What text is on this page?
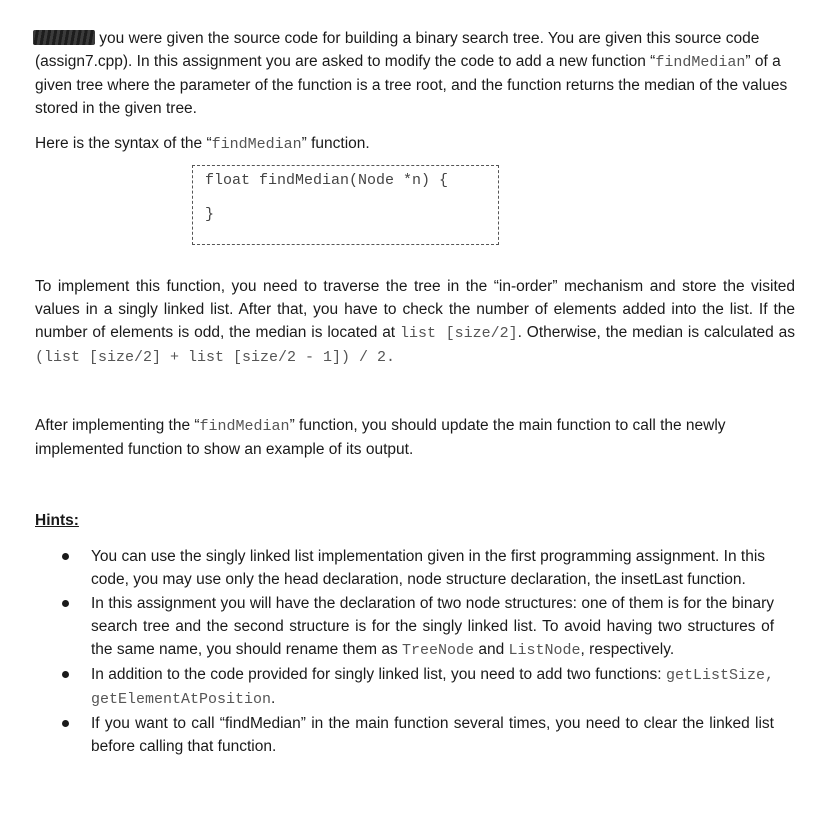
you were given the source code for building a binary search tree. You are given this source code (assign7.cpp). In this assignment you are asked to modify the code to add a new function “findMedian” of a given tree where the parameter of the function is a tree root, and the function returns the median of the values stored in the given tree.

Here is the syntax of the “findMedian” function.

float findMedian(Node *n) {
}

To implement this function, you need to traverse the tree in the “in-order” mechanism and store the visited values in a singly linked list. After that, you have to check the number of elements added into the list. If the number of elements is odd, the median is located at list [size/2]. Otherwise, the median is calculated as (list [size/2] + list [size/2 - 1]) / 2.

After implementing the “findMedian” function, you should update the main function to call the newly implemented function to show an example of its output.

Hints:
You can use the singly linked list implementation given in the first programming assignment. In this code, you may use only the head declaration, node structure declaration, the insetLast function.
In this assignment you will have the declaration of two node structures: one of them is for the binary search tree and the second structure is for the singly linked list. To avoid having two structures of the same name, you should rename them as TreeNode and ListNode, respectively.
In addition to the code provided for singly linked list, you need to add two functions: getListSize, getElementAtPosition.
If you want to call “findMedian” in the main function several times, you need to clear the linked list before calling that function.
